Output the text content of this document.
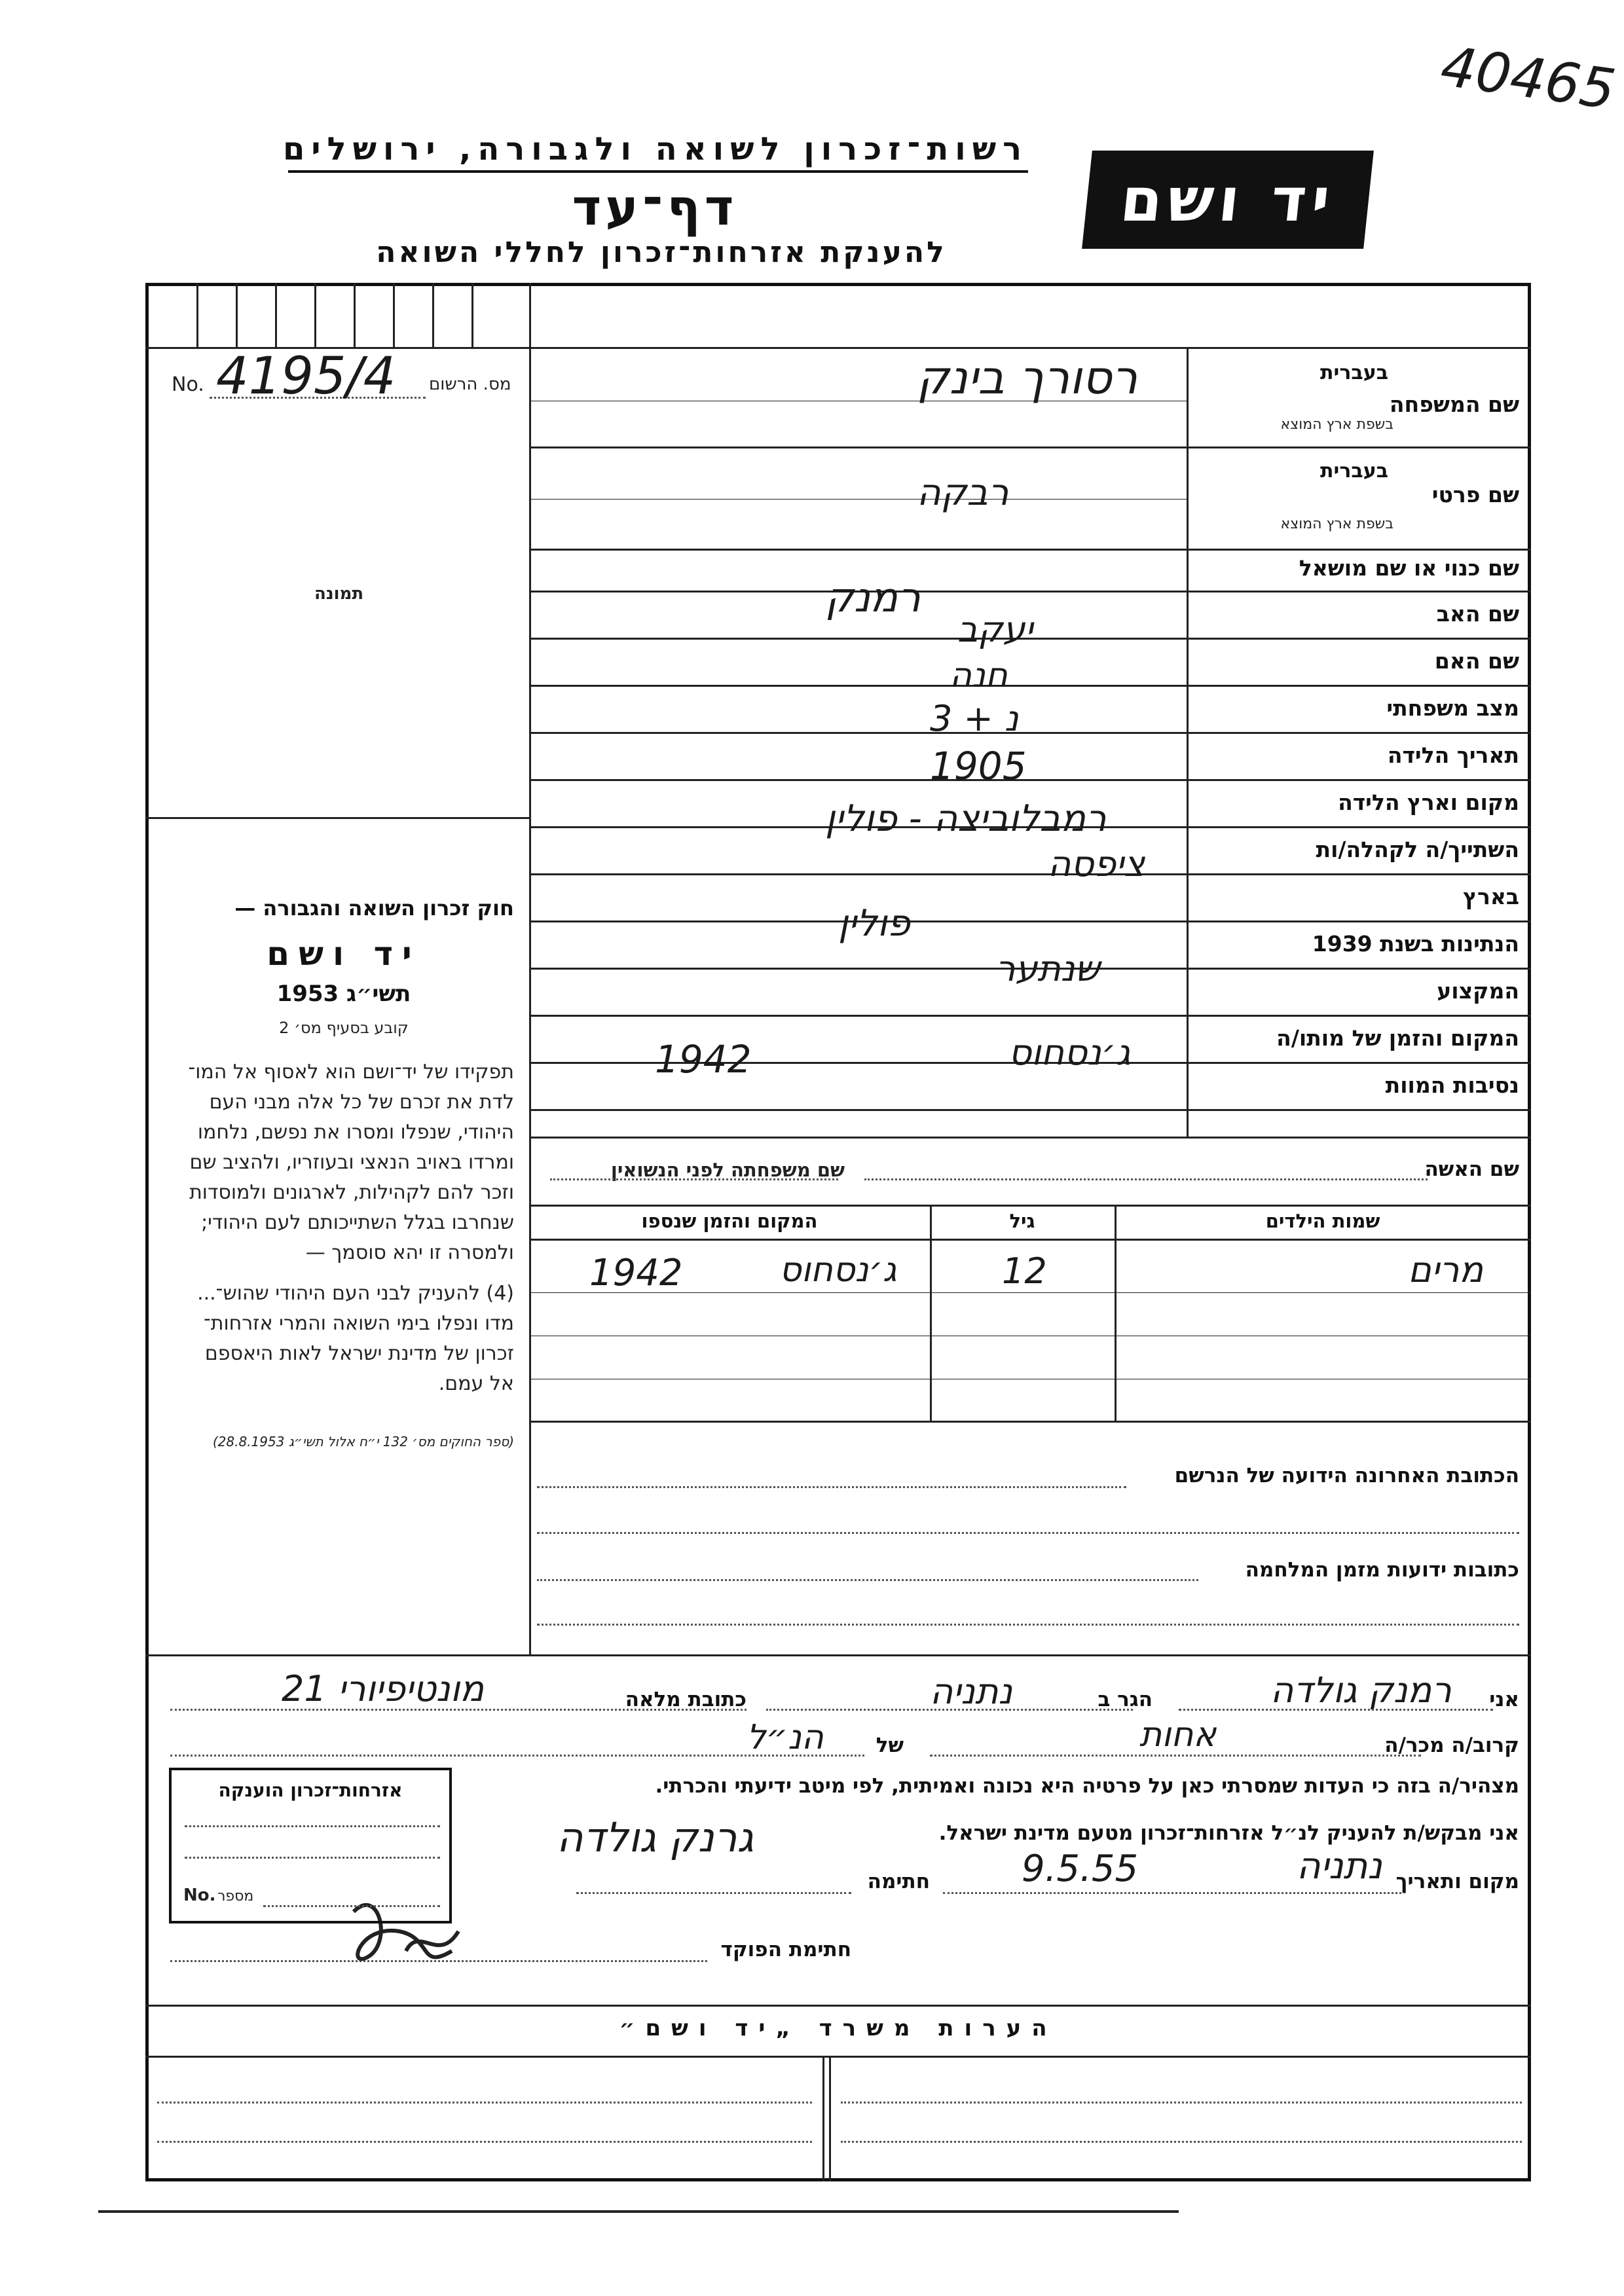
40465
רשות־זכרון לשואה ולגבורה, ירושלים
דף־עד
להענקת אזרחות־זכרון לחללי השואה
יד ושם
מס. הרשום
No. 4195/4
תמונה
חוק זכרון השואה והגבורה —
יד ושם
תשי״ג 1953
קובע בסעיף מס׳ 2
תפקידו של יד־ושם הוא לאסוף אל המו־
לדת את זכרם של כל אלה מבני העם
היהודי, שנפלו ומסרו את נפשם, נלחמו
ומרדו באויב הנאצי ובעוזריו, ולהציב שם
וזכר להם לקהילות, לארגונים ולמוסדות
שנחרבו בגלל השתייכותם לעם היהודי;
ולמסרה זו יהא סוסמך —
(4) להעניק לבני העם היהודי שהוש־...
מדו ונפלו בימי השואה והמרי אזרחות־
זכרון של מדינת ישראל לאות היאספם
אל עמם.
(ספר החוקים מס׳ 132 י״ח אלול תשי״ג 28.8.1953)
שם המשפחה
בעברית
בשפת ארץ המוצא
רסורך בינק
שם פרטי
בעברית
בשפת ארץ המוצא
רבקה
שם כנוי או שם מושאל
רמנק	שם האב
יעקב
שם האם
חנה
מצב משפחתי
נ + 3
תאריך הלידה
1905
מקום וארץ הלידה
רמבלוביצה - פולין
השתייך/ה לקהלה/ות
ציפסה
בארץ
פולין	הנתינות בשנת 1939
שנתער
המקצוע
המקום והזמן של מותו/ה
ג׳נסחוס
1942
נסיבות המוות
שם האשה
שם משפחתה לפני הנשואין
שמות הילדים
גיל
המקום והזמן שנספו
מרים
12
ג׳נסחוס
1942
הכתובת האחרונה הידועה של הנרשם
כתובות ידועות מזמן המלחמה
אני
רמנק גולדה
הגר ב
נתניה
כתובת מלאה
מונטיפיורי 21
קרוב/ה מכר/ה
אחות
של
הנ״ל
מצהיר/ה בזה כי העדות שמסרתי כאן על פרטיה היא נכונה ואמיתית, לפי מיטב ידיעתי והכרתי.
אני מבקש/ת להעניק לנ״ל אזרחות־זכרון מטעם מדינת ישראל.
גרנק גולדה
מקום ותאריך
נתניה
9.5.55
חתימה
חתימת הפוקד
אזרחות־זכרון הוענקה
מספר
No.
הערות משרד „יד ושם״
